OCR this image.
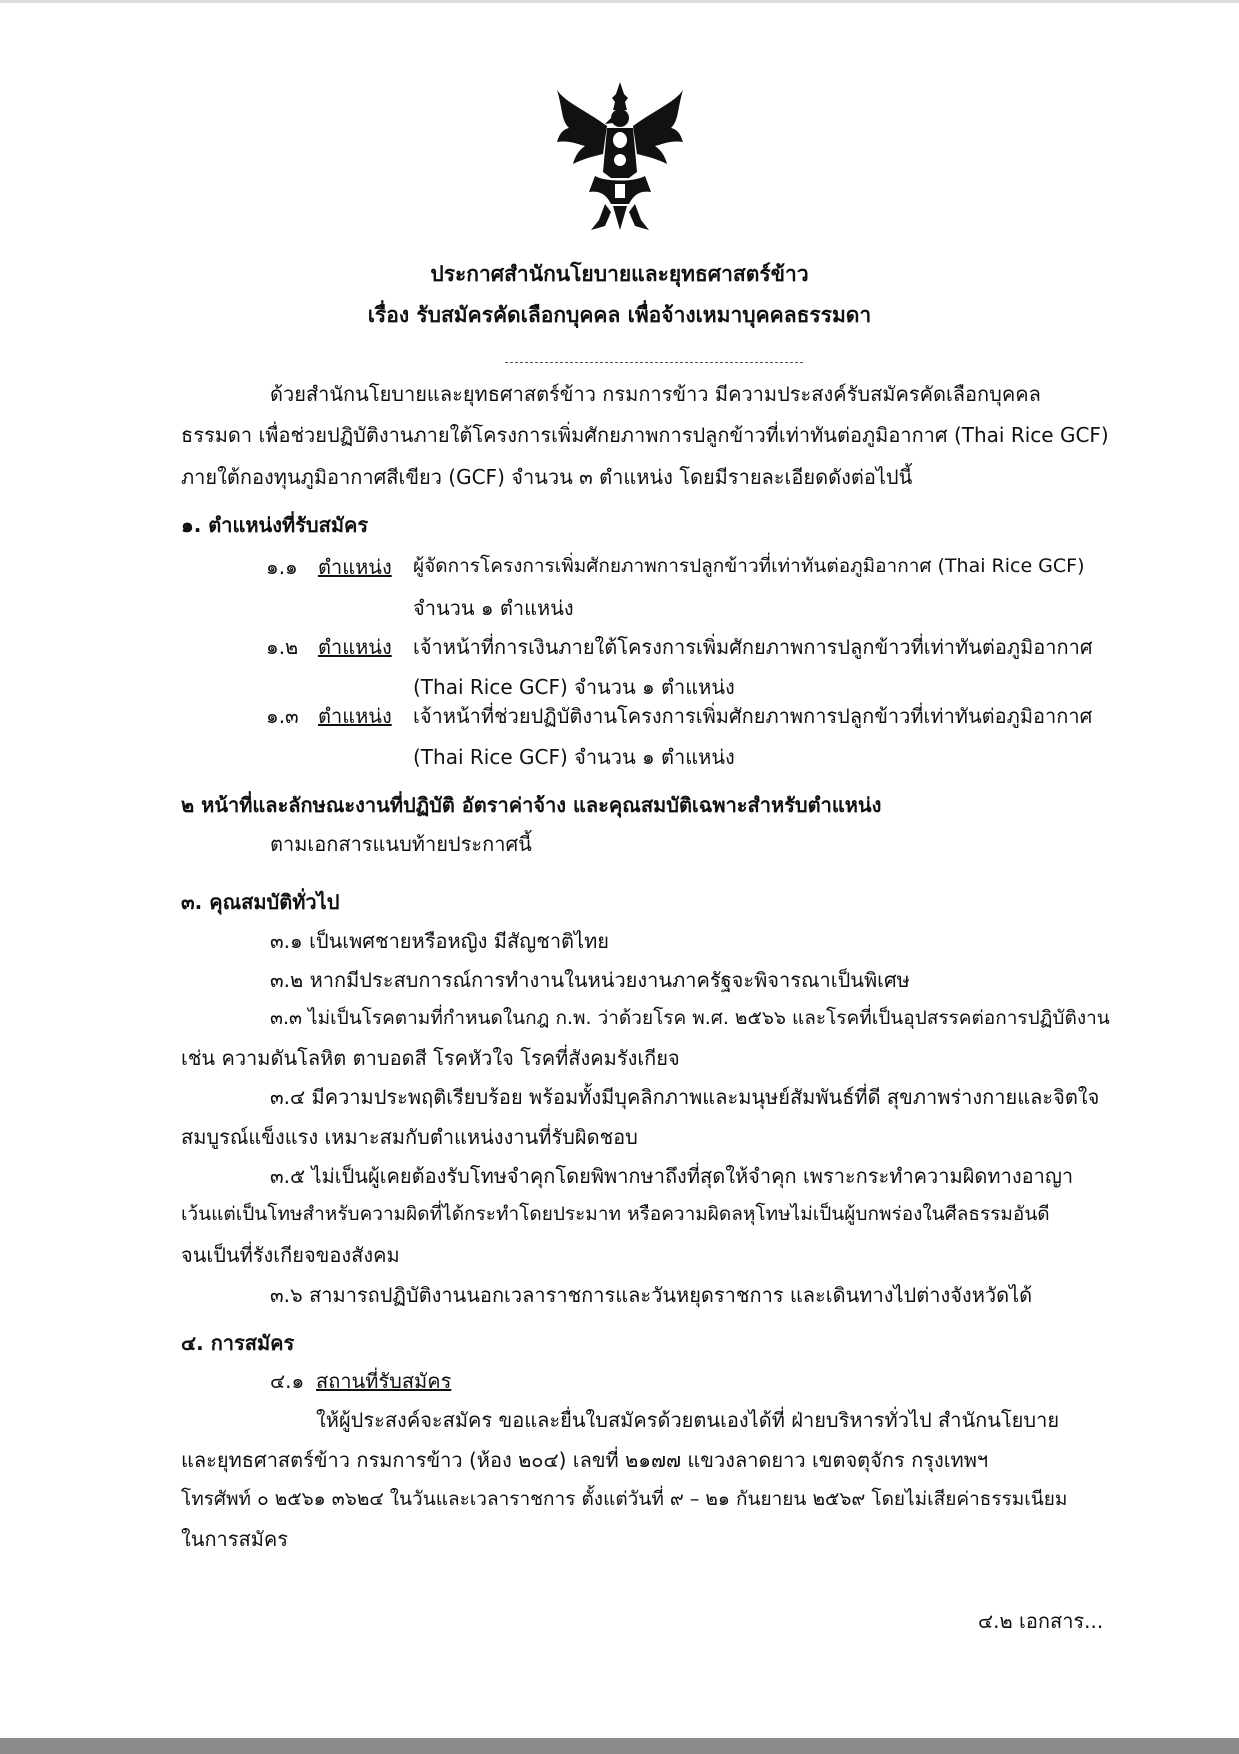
ประกาศสำนักนโยบายและยุทธศาสตร์ข้าว
เรื่อง รับสมัครคัดเลือกบุคคล เพื่อจ้างเหมาบุคคลธรรมดา
ด้วยสำนักนโยบายและยุทธศาสตร์ข้าว กรมการข้าว มีความประสงค์รับสมัครคัดเลือกบุคคล
ธรรมดา เพื่อช่วยปฏิบัติงานภายใต้โครงการเพิ่มศักยภาพการปลูกข้าวที่เท่าทันต่อภูมิอากาศ (Thai Rice GCF)
ภายใต้กองทุนภูมิอากาศสีเขียว (GCF) จำนวน ๓ ตำแหน่ง โดยมีรายละเอียดดังต่อไปนี้
๑. ตำแหน่งที่รับสมัคร
๑.๑ ตำแหน่ง ผู้จัดการโครงการเพิ่มศักยภาพการปลูกข้าวที่เท่าทันต่อภูมิอากาศ (Thai Rice GCF)
จำนวน ๑ ตำแหน่ง
๑.๒ ตำแหน่ง เจ้าหน้าที่การเงินภายใต้โครงการเพิ่มศักยภาพการปลูกข้าวที่เท่าทันต่อภูมิอากาศ
(Thai Rice GCF) จำนวน ๑ ตำแหน่ง
๑.๓ ตำแหน่ง เจ้าหน้าที่ช่วยปฏิบัติงานโครงการเพิ่มศักยภาพการปลูกข้าวที่เท่าทันต่อภูมิอากาศ
(Thai Rice GCF) จำนวน ๑ ตำแหน่ง
๒ หน้าที่และลักษณะงานที่ปฏิบัติ อัตราค่าจ้าง และคุณสมบัติเฉพาะสำหรับตำแหน่ง
ตามเอกสารแนบท้ายประกาศนี้
๓. คุณสมบัติทั่วไป
๓.๑ เป็นเพศชายหรือหญิง มีสัญชาติไทย
๓.๒ หากมีประสบการณ์การทำงานในหน่วยงานภาครัฐจะพิจารณาเป็นพิเศษ
๓.๓ ไม่เป็นโรคตามที่กำหนดในกฎ ก.พ. ว่าด้วยโรค พ.ศ. ๒๕๖๖ และโรคที่เป็นอุปสรรคต่อการปฏิบัติงาน
เช่น ความดันโลหิต ตาบอดสี โรคหัวใจ โรคที่สังคมรังเกียจ
๓.๔ มีความประพฤติเรียบร้อย พร้อมทั้งมีบุคลิกภาพและมนุษย์สัมพันธ์ที่ดี สุขภาพร่างกายและจิตใจ
สมบูรณ์แข็งแรง เหมาะสมกับตำแหน่งงานที่รับผิดชอบ
๓.๕ ไม่เป็นผู้เคยต้องรับโทษจำคุกโดยพิพากษาถึงที่สุดให้จำคุก เพราะกระทำความผิดทางอาญา
เว้นแต่เป็นโทษสำหรับความผิดที่ได้กระทำโดยประมาท หรือความผิดลหุโทษไม่เป็นผู้บกพร่องในศีลธรรมอันดี
จนเป็นที่รังเกียจของสังคม
๓.๖ สามารถปฏิบัติงานนอกเวลาราชการและวันหยุดราชการ และเดินทางไปต่างจังหวัดได้
๔. การสมัคร
๔.๑ สถานที่รับสมัคร
ให้ผู้ประสงค์จะสมัคร ขอและยื่นใบสมัครด้วยตนเองได้ที่ ฝ่ายบริหารทั่วไป สำนักนโยบาย
และยุทธศาสตร์ข้าว กรมการข้าว (ห้อง ๒๐๔) เลขที่ ๒๑๗๗ แขวงลาดยาว เขตจตุจักร กรุงเทพฯ
โทรศัพท์ ๐ ๒๕๖๑ ๓๖๒๔ ในวันและเวลาราชการ ตั้งแต่วันที่ ๙ – ๒๑ กันยายน ๒๕๖๙ โดยไม่เสียค่าธรรมเนียม
ในการสมัคร
๔.๒ เอกสาร...
